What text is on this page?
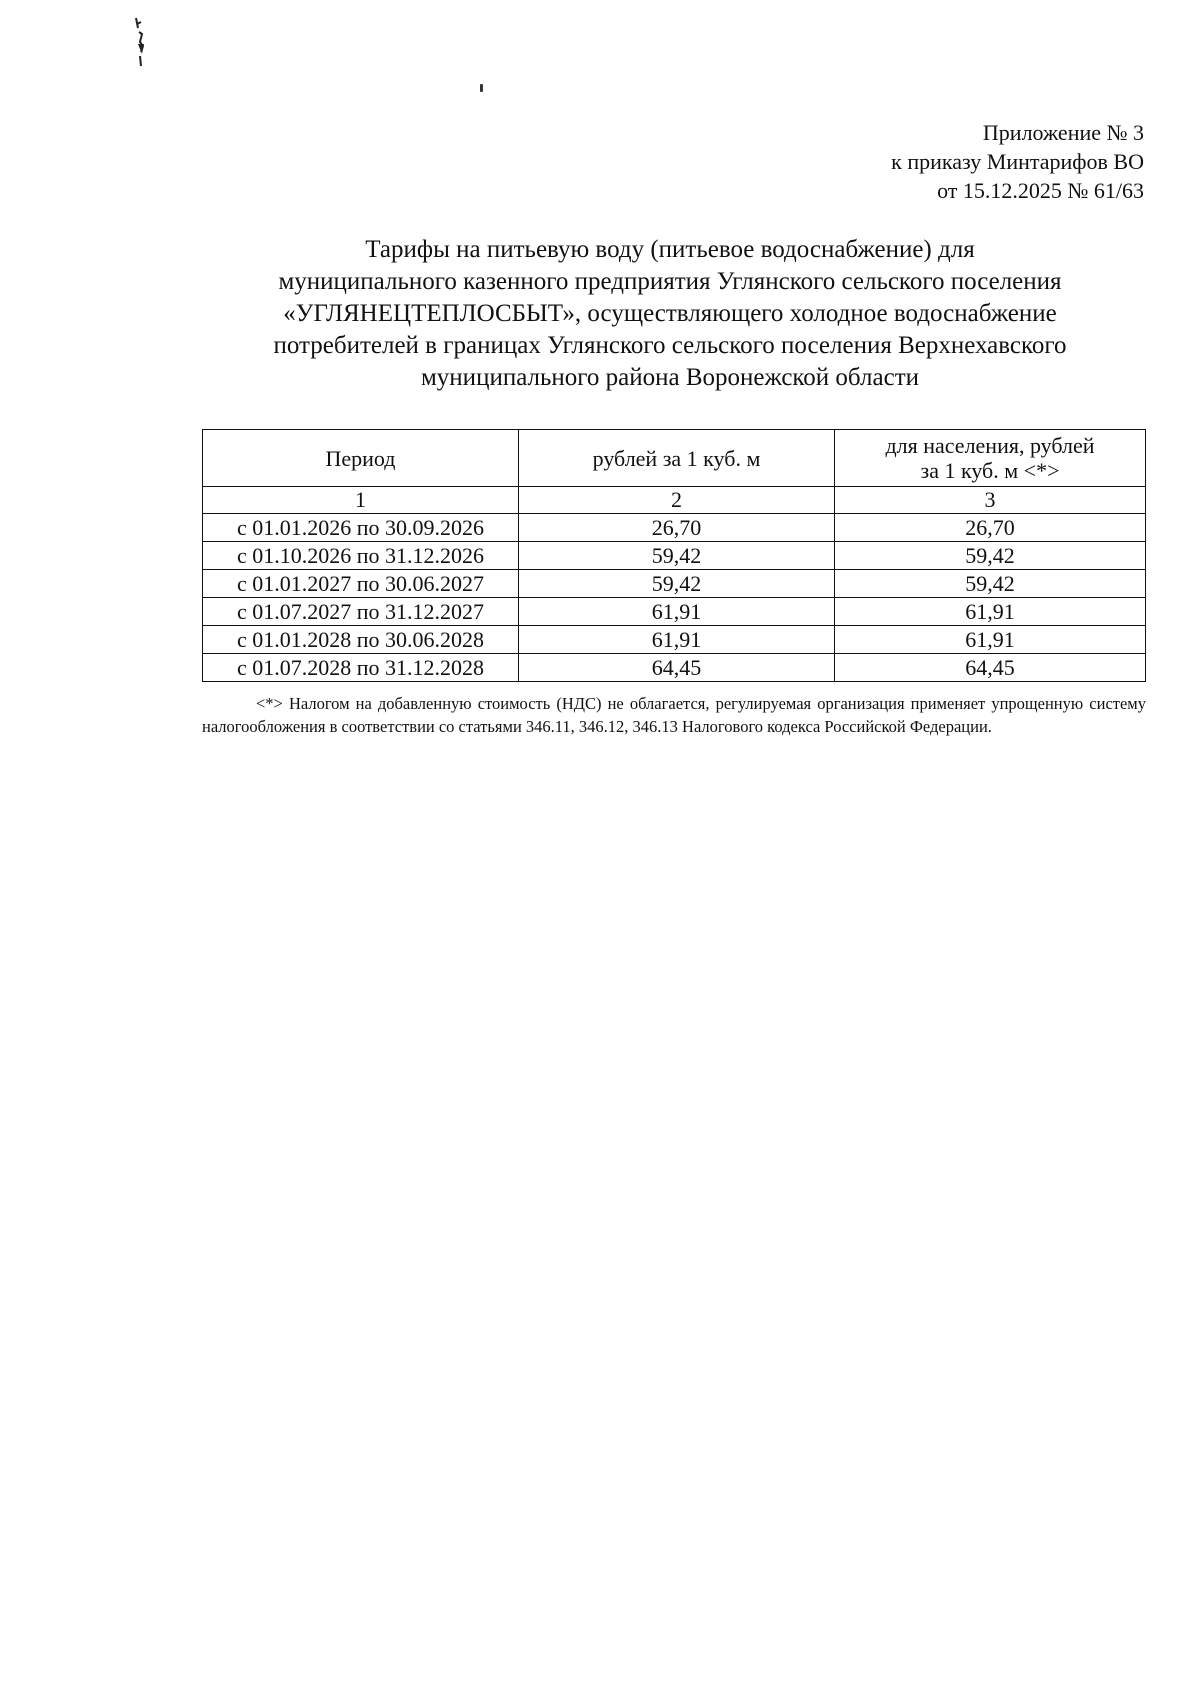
Приложение № 3
к приказу Минтарифов ВО
от 15.12.2025 № 61/63
Тарифы на питьевую воду (питьевое водоснабжение) для
муниципального казенного предприятия Углянского сельского поселения
«УГЛЯНЕЦТЕПЛОСБЫТ», осуществляющего холодное водоснабжение
потребителей в границах Углянского сельского поселения Верхнехавского
муниципального района Воронежской области
Период	рублей за 1 куб. м	для населения, рублей
за 1 куб. м <*>
1	2	3
с 01.01.2026 по 30.09.2026	26,70	26,70
с 01.10.2026 по 31.12.2026	59,42	59,42
с 01.01.2027 по 30.06.2027	59,42	59,42
с 01.07.2027 по 31.12.2027	61,91	61,91
с 01.01.2028 по 30.06.2028	61,91	61,91
с 01.07.2028 по 31.12.2028	64,45	64,45
<*> Налогом на добавленную стоимость (НДС) не облагается, регулируемая организация применяет упрощенную систему налогообложения в соответствии со статьями 346.11, 346.12, 346.13 Налогового кодекса Российской Федерации.
